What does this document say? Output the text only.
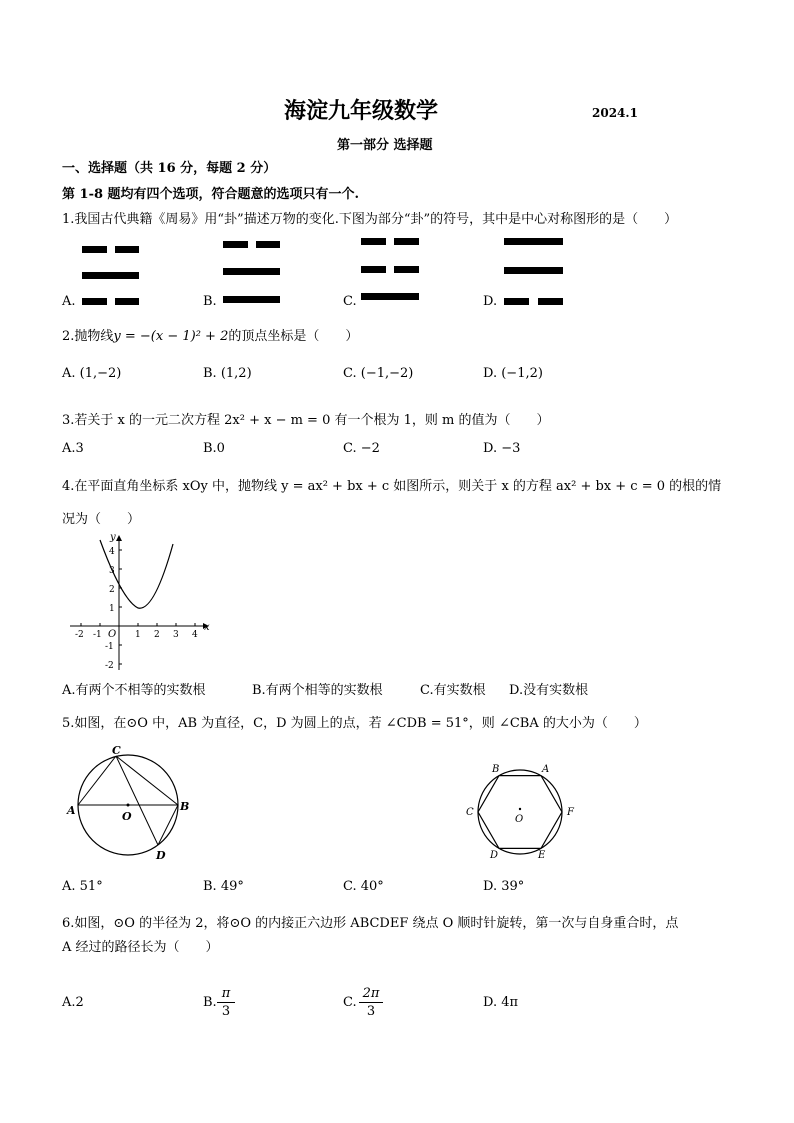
海淀九年级数学	2024.1
第一部分 选择题
一、选择题（共 16 分，每题 2 分）
第 1-8 题均有四个选项，符合题意的选项只有一个.
1.我国古代典籍《周易》用“卦”描述万物的变化.下图为部分“卦”的符号，其中是中心对称图形的是（　　）
A.	B.	C.	D.
2.抛物线y = −(x − 1)² + 2的顶点坐标是（　　）
A. (1,−2)	B. (1,2)	C. (−1,−2)	D. (−1,2)
3.若关于 x 的一元二次方程 2x² + x − m = 0 有一个根为 1，则 m 的值为（　　）
A.3	B.0	C. −2	D. −3
4.在平面直角坐标系 xOy 中，抛物线 y = ax² + bx + c 如图所示，则关于 x 的方程 ax² + bx + c = 0 的根的情
况为（　　）
y
x
O
4
3
2
1
-1
-2
-2 -1	1 2 3 4
A.有两个不相等的实数根	B.有两个相等的实数根	C.有实数根 D.没有实数根
5.如图，在⊙O 中，AB 为直径，C，D 为圆上的点，若 ∠CDB = 51°，则 ∠CBA 的大小为（　　）
C
A	B
O
D
A
B
C
D	E
F
O
A. 51°	B. 49°	C. 40°	D. 39°
6.如图，⊙O 的半径为 2，将⊙O 的内接正六边形 ABCDEF 绕点 O 顺时针旋转，第一次与自身重合时，点
A 经过的路径长为（　　）
A.2	B.
π
3
C.
2π
3
D. 4π
